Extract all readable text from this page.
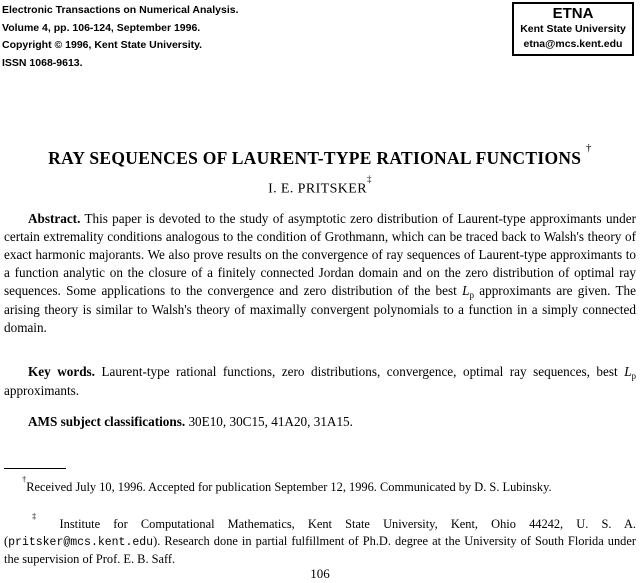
Electronic Transactions on Numerical Analysis.
Volume 4, pp. 106-124, September 1996.
Copyright © 1996, Kent State University.
ISSN 1068-9613.
ETNA
Kent State University
etna@mcs.kent.edu
RAY SEQUENCES OF LAURENT-TYPE RATIONAL FUNCTIONS †
I. E. PRITSKER‡
Abstract. This paper is devoted to the study of asymptotic zero distribution of Laurent-type approximants under certain extremality conditions analogous to the condition of Grothmann, which can be traced back to Walsh's theory of exact harmonic majorants. We also prove results on the convergence of ray sequences of Laurent-type approximants to a function analytic on the closure of a finitely connected Jordan domain and on the zero distribution of optimal ray sequences. Some applications to the convergence and zero distribution of the best $L_p$ approximants are given. The arising theory is similar to Walsh's theory of maximally convergent polynomials to a function in a simply connected domain.
Key words. Laurent-type rational functions, zero distributions, convergence, optimal ray sequences, best $L_p$ approximants.
AMS subject classifications. 30E10, 30C15, 41A20, 31A15.
†Received July 10, 1996. Accepted for publication September 12, 1996. Communicated by D. S. Lubinsky.
‡ Institute for Computational Mathematics, Kent State University, Kent, Ohio 44242, U. S. A. (pritsker@mcs.kent.edu). Research done in partial fulfillment of Ph.D. degree at the University of South Florida under the supervision of Prof. E. B. Saff.
106
